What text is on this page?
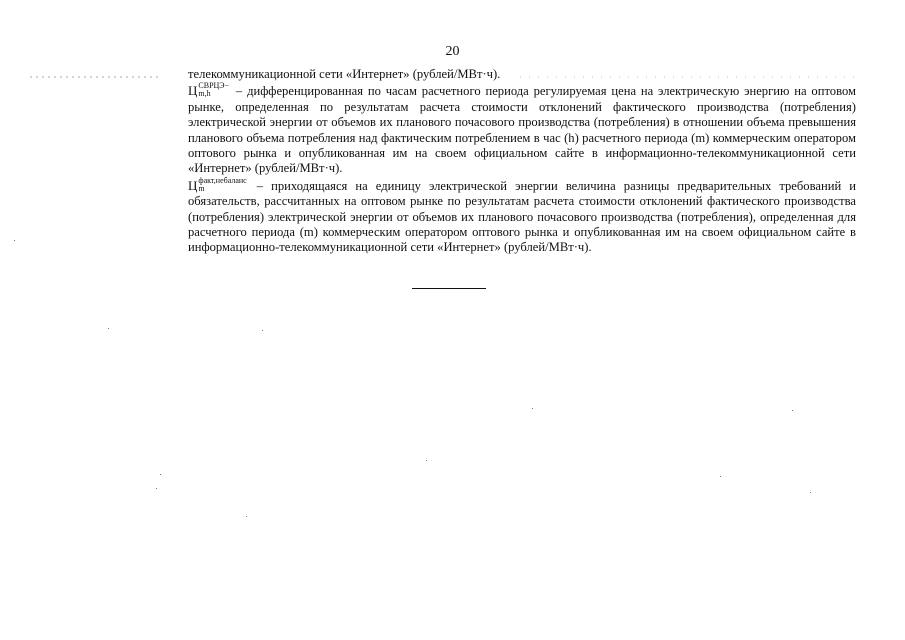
20

телекоммуникационной сети «Интернет» (рублей/МВт·ч).

Ц СВРЦЭ−
m,h	– дифференцированная по часам расчетного периода регулируемая цена на электрическую энергию на оптовом рынке, определенная по результатам расчета стоимости отклонений фактического производства (потребления) электрической энергии от объемов их планового почасового производства (потребления) в отношении объема превышения планового объема потребления над фактическим потреблением в час (h) расчетного периода (m) коммерческим оператором оптового рынка и опубликованная им на своем официальном сайте в информационно-телекоммуникационной сети «Интернет» (рублей/МВт·ч).

Ц факт,небаланс
m	– приходящаяся на единицу электрической энергии величина разницы предварительных требований и обязательств, рассчитанных на оптовом рынке по результатам расчета стоимости отклонений фактического производства (потребления) электрической энергии от объемов их планового почасового производства (потребления), определенная для расчетного периода (m) коммерческим оператором оптового рынка и опубликованная им на своем официальном сайте в информационно-телекоммуникационной сети «Интернет» (рублей/МВт·ч).
